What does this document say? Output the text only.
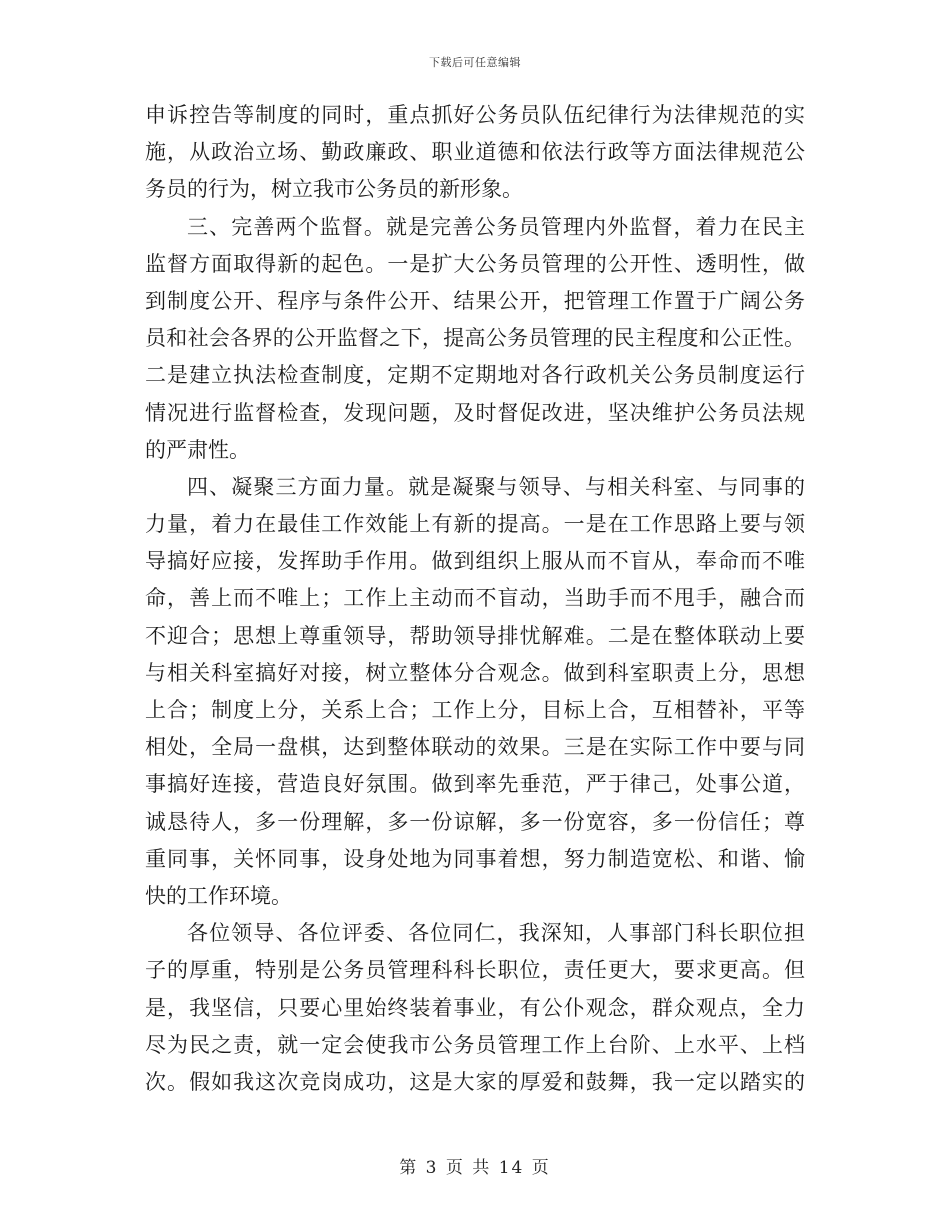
下载后可任意编辑
申诉控告等制度的同时，重点抓好公务员队伍纪律行为法律规范的实
施，从政治立场、勤政廉政、职业道德和依法行政等方面法律规范公
务员的行为，树立我市公务员的新形象。
三、完善两个监督。就是完善公务员管理内外监督，着力在民主
监督方面取得新的起色。一是扩大公务员管理的公开性、透明性，做
到制度公开、程序与条件公开、结果公开，把管理工作置于广阔公务
员和社会各界的公开监督之下，提高公务员管理的民主程度和公正性。
二是建立执法检查制度，定期不定期地对各行政机关公务员制度运行
情况进行监督检查，发现问题，及时督促改进，坚决维护公务员法规
的严肃性。
四、凝聚三方面力量。就是凝聚与领导、与相关科室、与同事的
力量，着力在最佳工作效能上有新的提高。一是在工作思路上要与领
导搞好应接，发挥助手作用。做到组织上服从而不盲从，奉命而不唯
命，善上而不唯上；工作上主动而不盲动，当助手而不甩手，融合而
不迎合；思想上尊重领导，帮助领导排忧解难。二是在整体联动上要
与相关科室搞好对接，树立整体分合观念。做到科室职责上分，思想
上合；制度上分，关系上合；工作上分，目标上合，互相替补，平等
相处，全局一盘棋，达到整体联动的效果。三是在实际工作中要与同
事搞好连接，营造良好氛围。做到率先垂范，严于律己，处事公道，
诚恳待人，多一份理解，多一份谅解，多一份宽容，多一份信任；尊
重同事，关怀同事，设身处地为同事着想，努力制造宽松、和谐、愉
快的工作环境。
各位领导、各位评委、各位同仁，我深知，人事部门科长职位担
子的厚重，特别是公务员管理科科长职位，责任更大，要求更高。但
是，我坚信，只要心里始终装着事业，有公仆观念，群众观点，全力
尽为民之责，就一定会使我市公务员管理工作上台阶、上水平、上档
次。假如我这次竞岗成功，这是大家的厚爱和鼓舞，我一定以踏实的
第 3 页 共 14 页
